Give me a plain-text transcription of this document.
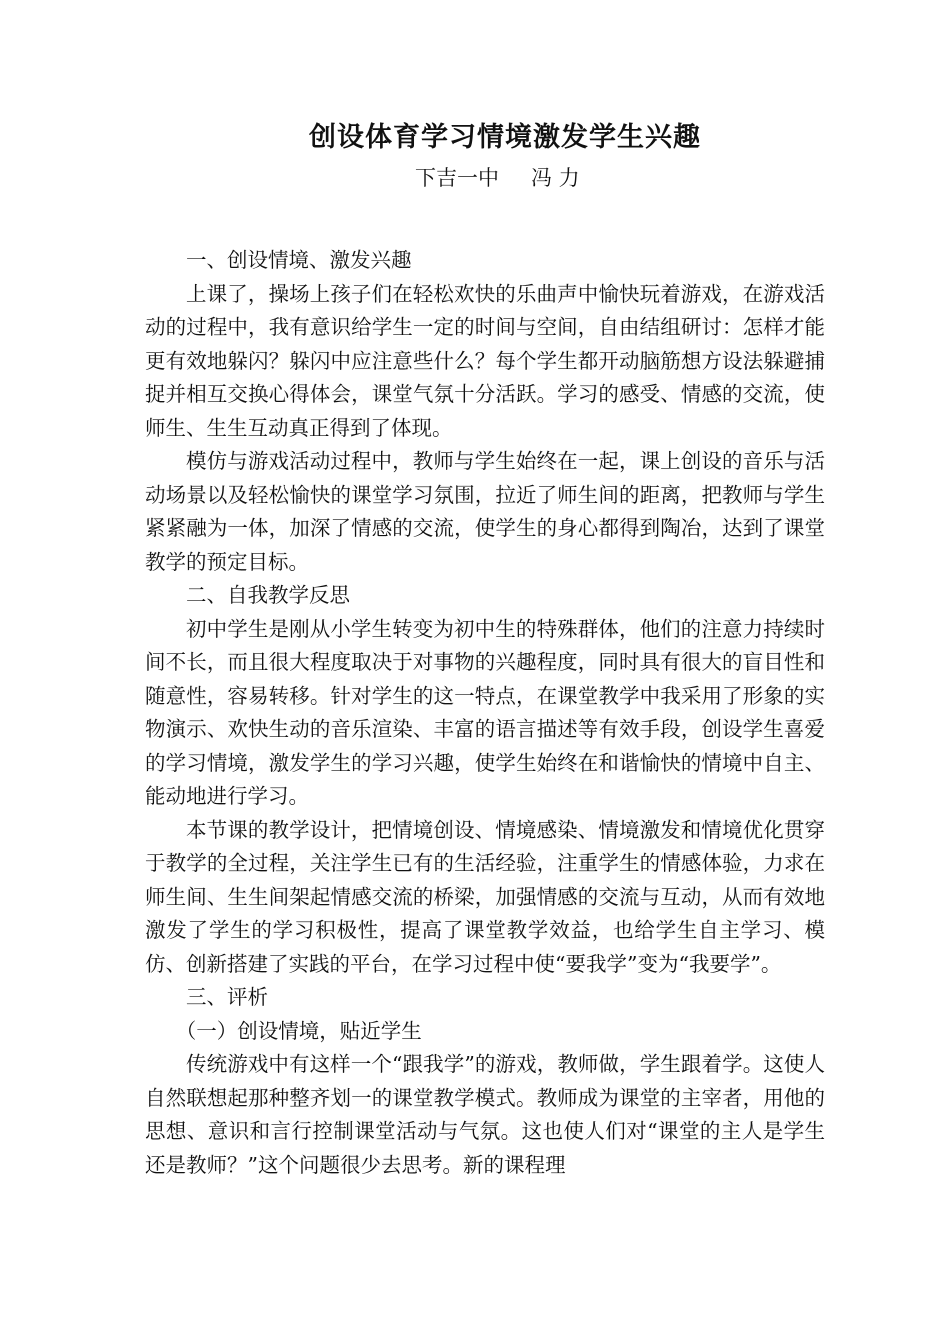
创设体育学习情境激发学生兴趣
下吉一中 冯 力

一、创设情境、激发兴趣

上课了，操场上孩子们在轻松欢快的乐曲声中愉快玩着游戏，在游戏活动的过程中，我有意识给学生一定的时间与空间，自由结组研讨：怎样才能更有效地躲闪？躲闪中应注意些什么？每个学生都开动脑筋想方设法躲避捕捉并相互交换心得体会，课堂气氛十分活跃。学习的感受、情感的交流，使师生、生生互动真正得到了体现。

模仿与游戏活动过程中，教师与学生始终在一起，课上创设的音乐与活动场景以及轻松愉快的课堂学习氛围，拉近了师生间的距离，把教师与学生紧紧融为一体，加深了情感的交流，使学生的身心都得到陶冶，达到了课堂教学的预定目标。

二、自我教学反思

初中学生是刚从小学生转变为初中生的特殊群体，他们的注意力持续时间不长，而且很大程度取决于对事物的兴趣程度，同时具有很大的盲目性和随意性，容易转移。针对学生的这一特点，在课堂教学中我采用了形象的实物演示、欢快生动的音乐渲染、丰富的语言描述等有效手段，创设学生喜爱的学习情境，激发学生的学习兴趣，使学生始终在和谐愉快的情境中自主、能动地进行学习。

本节课的教学设计，把情境创设、情境感染、情境激发和情境优化贯穿于教学的全过程，关注学生已有的生活经验，注重学生的情感体验，力求在师生间、生生间架起情感交流的桥梁，加强情感的交流与互动，从而有效地激发了学生的学习积极性，提高了课堂教学效益，也给学生自主学习、模仿、创新搭建了实践的平台，在学习过程中使“要我学”变为“我要学”。

三、评析

（一）创设情境，贴近学生

传统游戏中有这样一个“跟我学”的游戏，教师做，学生跟着学。这使人自然联想起那种整齐划一的课堂教学模式。教师成为课堂的主宰者，用他的思想、意识和言行控制课堂活动与气氛。这也使人们对“课堂的主人是学生还是教师？”这个问题很少去思考。新的课程理
